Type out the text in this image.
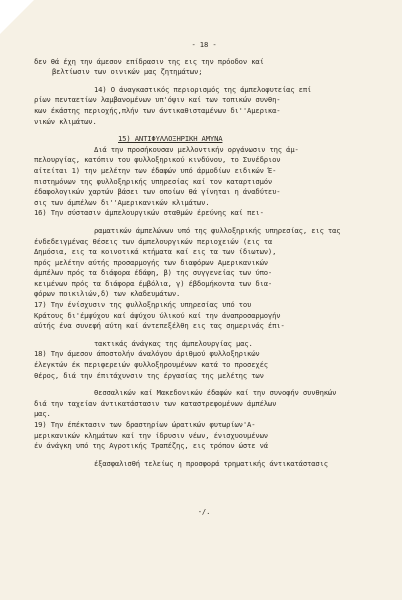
- 18 -
δεν θά έχη την άμεσον επίδρασιν της εις την πρόοδον καί
βελτίωσιν των οινικών μας ζητημάτων;
14) Ο άναγκαστικός περιορισμός της άμπελοφυτείας επί
ρίων πενταετίων λαμβανομένων υπ'όψιν καί των τοπικών συνθη-
κων έκάστης περιοχής,πλήν των άντικαθισταμένων δι''Αμερικα-
νικών κλιμάτων.
15) ΑΝΤΙΦΥΛΛΟΞΗΡΙΚΗ ΑΜΥΝΑ
Διά την προσήκουσαν μελλοντικήν οργάνωσιν της άμ-
πελουργίας, κατόπιν του φυλλοξηρικού κινδύνου, το Συνέδριον
αίτείται 1) την μελέτην των έδαφών υπό άρμοδίων ειδικών Έ-
πιστημόνων της φυλλοξηρικής υπηρεσίας καί τον καταρτισμόν
έδαφολογικών χαρτών βάσει των οποίων θά γίνηται η άναδύτευ-
σις των άμπέλων δι''Αμερικανικών κλιμάτων.
16) Την σύστασιν άμπελουργικών σταθμών έρεύνης καί πει-
ραματικών άμπελώνων υπό της φυλλοξηρικής υπηρεσίας, εις τας
ένδεδειγμένας θέσεις των άμπελουργικών περιοχειών (εις τα
Δημόσια, εις τα κοινοτικά κτήματα καί εις τα των ίδιωτων),
πρός μελέτην αύτής προσαρμογής των διαφόρων Αμερικανικών
άμπέλων πρός τα διάφορα έδάφη, β) της συγγενείας των ύπο-
κειμένων πρός τα διάφορα έμβόλια, γ) έβδομήκοντα των δια-
φόρων ποικιλιών,δ) των κλαδευμάτων.
17) Την ένίσχυσιν της φυλλοξηρικής υπηρεσίας υπό του
Κράτους δι'έμψύχου καί άψύχου ύλικού καί την άναπροσαρμογήν
αύτής ένα συνεφή αύτη καί άντεπεξέλθη εις τας σημερινάς έπι-
τακτικάς άνάγκας της άμπελουργίας μας.
18) Την άμεσον άποστολήν άναλόγου άριθμού φυλλοξηρικών
έλεγκτών έκ περιφερειών φυλλοξηρουμένων κατά το προσεχές
θέρος, διά την έπιτάχυνσιν της έργασίας της μελέτης των
Θεσσαλικών καί Μακεδονικών έδαφών καί την συνοφήν συνθηκών
διά την ταχείαν άντικατάστασιν των καταστρεφομένων άμπέλων
μας.
19) Την έπέκτασιν των δραστηρίων ώρατικών φυτωρίων'Α-
μερικανικών κλημάτων καί την ίδρυσιν νέων, ένισχυουμένων
έν άνάγκη υπό της Αγροτικής Τραπέζης, εις τρόπον ώστε νά
έξασφαλισθή τελείως η προσφορά τρηματικής άντικατάστασις
-/.
